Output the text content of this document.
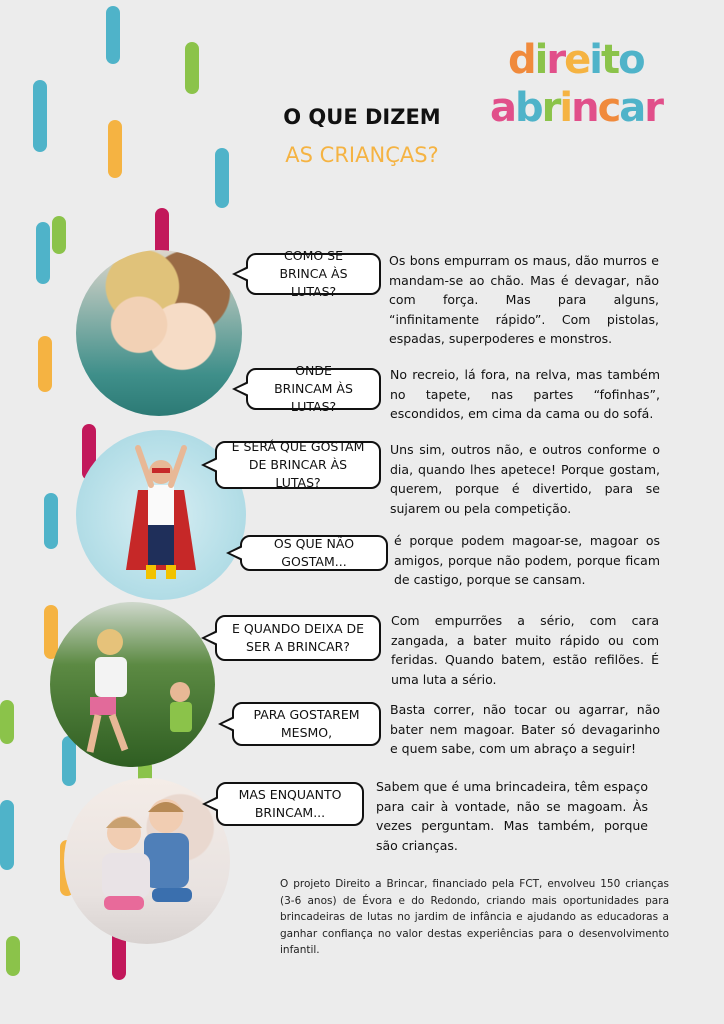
direito
abrincar
O QUE DIZEM
AS CRIANÇAS?
COMO SE BRINCA ÀS LUTAS?
Os bons empurram os maus, dão murros e mandam-se ao chão. Mas é devagar, não com força. Mas para alguns, “infinitamente rápido”. Com pistolas, espadas, superpoderes e monstros.
ONDE BRINCAM ÀS LUTAS?
No recreio, lá fora, na relva, mas também no tapete, nas partes “fofinhas”, escondidos, em cima da cama ou do sofá.
E SERÁ QUE GOSTAM DE BRINCAR ÀS LUTAS?
Uns sim, outros não, e outros conforme o dia, quando lhes apetece! Porque gostam, querem, porque é divertido, para se sujarem ou pela competição.
OS QUE NÃO GOSTAM...
é porque podem magoar-se, magoar os amigos, porque não podem, porque ficam de castigo, porque se cansam.
E QUANDO DEIXA DE SER A BRINCAR?
Com empurrões a sério, com cara zangada, a bater muito rápido ou com feridas. Quando batem, estão refilões. É uma luta a sério.
PARA GOSTAREM MESMO,
Basta correr, não tocar ou agarrar, não bater nem magoar. Bater só devagarinho e quem sabe, com um abraço a seguir!
MAS ENQUANTO BRINCAM...
Sabem que é uma brincadeira, têm espaço para cair à vontade, não se magoam. Às vezes perguntam. Mas também, porque são crianças.
O projeto Direito a Brincar, financiado pela FCT, envolveu 150 crianças (3-6 anos) de Évora e do Redondo, criando mais oportunidades para brincadeiras de lutas no jardim de infância e ajudando as educadoras a ganhar confiança no valor destas experiências para o desenvolvimento infantil.
